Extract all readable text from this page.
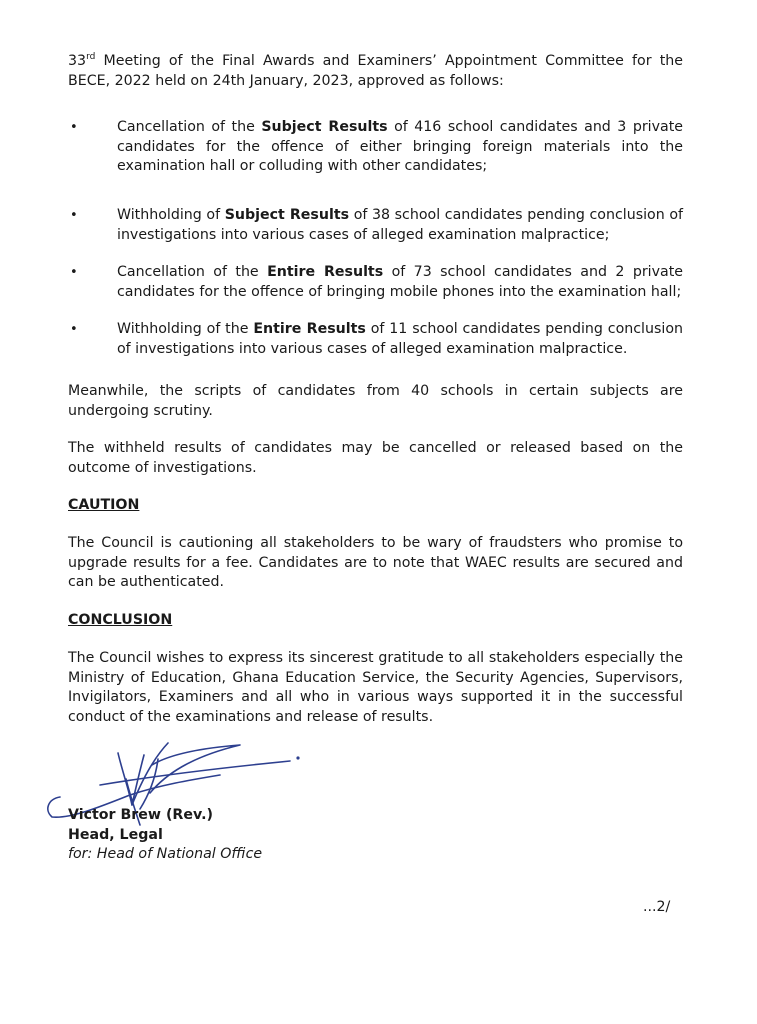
33rd Meeting of the Final Awards and Examiners’ Appointment Committee for the BECE, 2022 held on 24th January, 2023, approved as follows:

•	Cancellation of the Subject Results of 416 school candidates and 3 private candidates for the offence of either bringing foreign materials into the examination hall or colluding with other candidates;

•	Withholding of Subject Results of 38 school candidates pending conclusion of investigations into various cases of alleged examination malpractice;

•	Cancellation of the Entire Results of 73 school candidates and 2 private candidates for the offence of bringing mobile phones into the examination hall;

•	Withholding of the Entire Results of 11 school candidates pending conclusion of investigations into various cases of alleged examination malpractice.

Meanwhile, the scripts of candidates from 40 schools in certain subjects are undergoing scrutiny.

The withheld results of candidates may be cancelled or released based on the outcome of investigations.

CAUTION

The Council is cautioning all stakeholders to be wary of fraudsters who promise to upgrade results for a fee. Candidates are to note that WAEC results are secured and can be authenticated.

CONCLUSION

The Council wishes to express its sincerest gratitude to all stakeholders especially the Ministry of Education, Ghana Education Service, the Security Agencies, Supervisors, Invigilators, Examiners and all who in various ways supported it in the successful conduct of the examinations and release of results.

Victor Brew (Rev.)

Head, Legal

for: Head of National Office

...2/
